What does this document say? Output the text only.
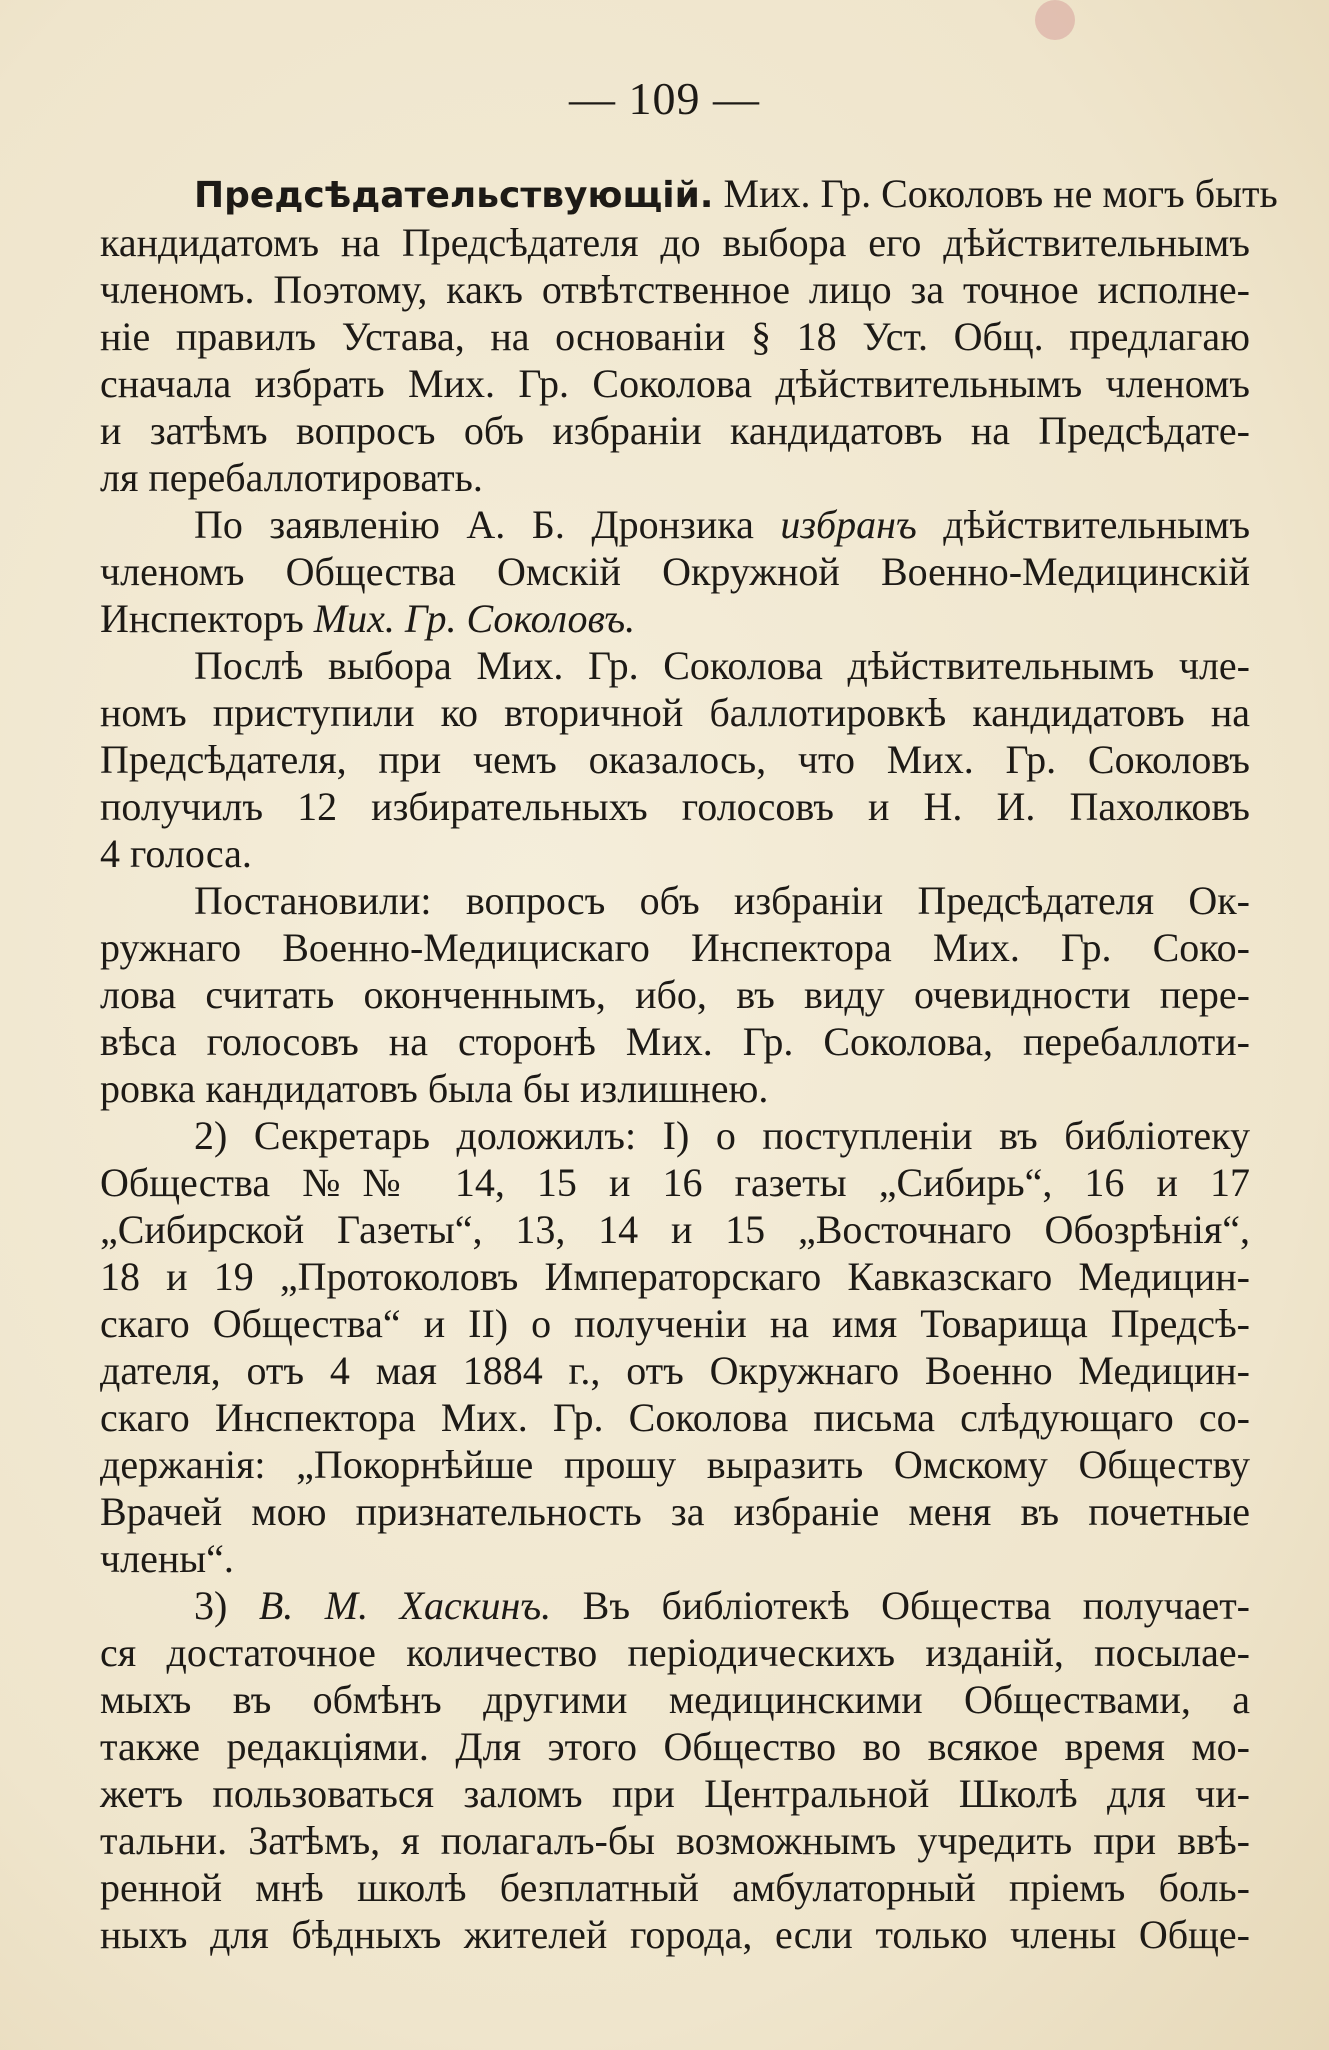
— 109 —

Предсѣдательствующій. Мих. Гр. Соколовъ не могъ быть
кандидатомъ на Предсѣдателя до выбора его дѣйствительнымъ
членомъ. Поэтому, какъ отвѣтственное лицо за точное исполне-
ніе правилъ Устава, на основаніи § 18 Уст. Общ. предлагаю
сначала избрать Мих. Гр. Соколова дѣйствительнымъ членомъ
и затѣмъ вопросъ объ избраніи кандидатовъ на Предсѣдате-
ля перебаллотировать.

По заявленію А. Б. Дронзика избранъ дѣйствительнымъ
членомъ Общества Омскій Окружной Военно-Медицинскій
Инспекторъ Мих. Гр. Соколовъ.

Послѣ выбора Мих. Гр. Соколова дѣйствительнымъ чле-
номъ приступили ко вторичной баллотировкѣ кандидатовъ на
Предсѣдателя, при чемъ оказалось, что Мих. Гр. Соколовъ
получилъ 12 избирательныхъ голосовъ и Н. И. Пахолковъ
4 голоса.

Постановили: вопросъ объ избраніи Предсѣдателя Ок-
ружнаго Военно-Медицискаго Инспектора Мих. Гр. Соко-
лова считать оконченнымъ, ибо, въ виду очевидности пере-
вѣса голосовъ на сторонѣ Мих. Гр. Соколова, перебаллоти-
ровка кандидатовъ была бы излишнею.

2) Секретарь доложилъ: I) о поступленіи въ библіотеку
Общества №№ 14, 15 и 16 газеты „Сибирь“, 16 и 17
„Сибирской Газеты“, 13, 14 и 15 „Восточнаго Обозрѣнія“,
18 и 19 „Протоколовъ Императорскаго Кавказскаго Медицин-
скаго Общества“ и II) о полученіи на имя Товарища Предсѣ-
дателя, отъ 4 мая 1884 г., отъ Окружнаго Военно Медицин-
скаго Инспектора Мих. Гр. Соколова письма слѣдующаго со-
держанія: „Покорнѣйше прошу выразить Омскому Обществу
Врачей мою признательность за избраніе меня въ почетные
члены“.

3) В. М. Хаскинъ. Въ библіотекѣ Общества получает-
ся достаточное количество періодическихъ изданій, посылае-
мыхъ въ обмѣнъ другими медицинскими Обществами, а
также редакціями. Для этого Общество во всякое время мо-
жетъ пользоваться заломъ при Центральной Школѣ для чи-
тальни. Затѣмъ, я полагалъ-бы возможнымъ учредить при ввѣ-
ренной мнѣ школѣ безплатный амбулаторный пріемъ боль-
ныхъ для бѣдныхъ жителей города, если только члены Обще-
